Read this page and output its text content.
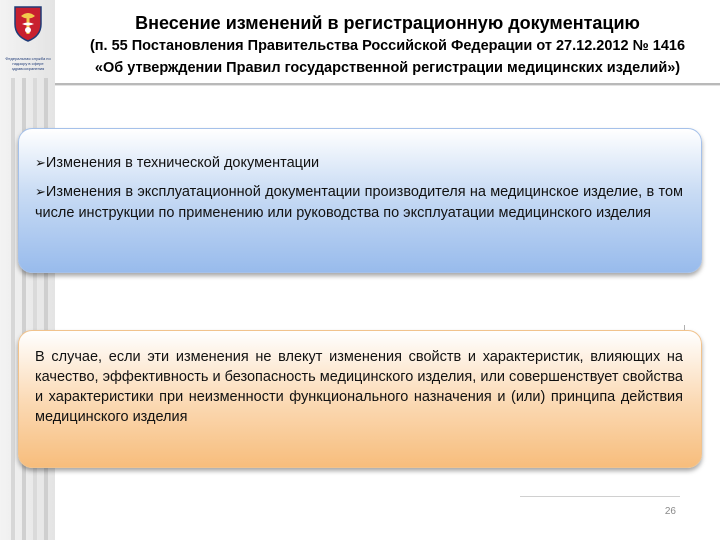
Федеральная служба по надзору в сфере здравоохранения
Внесение изменений в регистрационную документацию
(п. 55 Постановления Правительства Российской Федерации от 27.12.2012 № 1416
«Об утверждении Правил государственной регистрации медицинских изделий»)

➢Изменения в технической документации

➢Изменения в эксплуатационной документации производителя на медицинское изделие, в том числе инструкции по применению или руководства по эксплуатации медицинского изделия

В случае, если эти изменения не влекут изменения свойств и характеристик, влияющих на качество, эффективность и безопасность медицинского изделия, или совершенствует свойства и характеристики при неизменности функционального назначения и (или) принципа действия медицинского изделия
26
